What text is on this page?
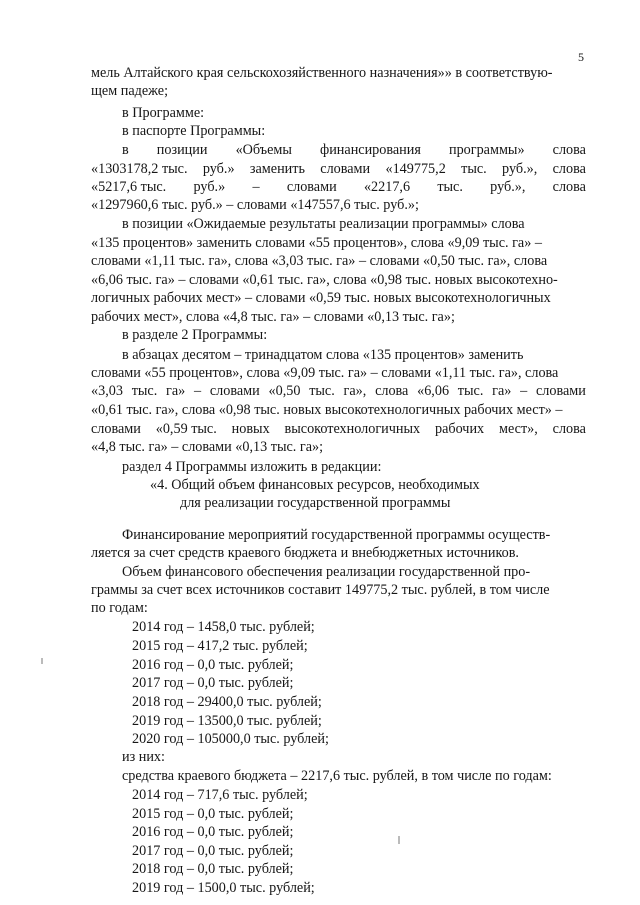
5
мель Алтайского края сельскохозяйственного назначения»» в соответствую-
щем падеже;
в Программе:
в паспорте Программы:
в позиции «Объемы финансирования программы» слова
«1303178,2 тыс. руб.» заменить словами «149775,2 тыс. руб.», слова
«5217,6 тыс. руб.» – словами «2217,6 тыс. руб.», слова
«1297960,6 тыс. руб.» – словами «147557,6 тыс. руб.»;
в позиции «Ожидаемые результаты реализации программы» слова
«135 процентов» заменить словами «55 процентов», слова «9,09 тыс. га» –
словами «1,11 тыс. га», слова «3,03 тыс. га» – словами «0,50 тыс. га», слова
«6,06 тыс. га» – словами «0,61 тыс. га», слова «0,98 тыс. новых высокотехно-
логичных рабочих мест» – словами «0,59 тыс. новых высокотехнологичных
рабочих мест», слова «4,8 тыс. га» – словами «0,13 тыс. га»;
в разделе 2 Программы:
в абзацах десятом – тринадцатом слова «135 процентов» заменить
словами «55 процентов», слова «9,09 тыс. га» – словами «1,11 тыс. га», слова
«3,03 тыс. га» – словами «0,50 тыс. га», слова «6,06 тыс. га» – словами
«0,61 тыс. га», слова «0,98 тыс. новых высокотехнологичных рабочих мест» –
словами «0,59 тыс. новых высокотехнологичных рабочих мест», слова
«4,8 тыс. га» – словами «0,13 тыс. га»;
раздел 4 Программы изложить в редакции:
«4. Общий объем финансовых ресурсов, необходимых
для реализации государственной программы
Финансирование мероприятий государственной программы осуществ-
ляется за счет средств краевого бюджета и внебюджетных источников.
Объем финансового обеспечения реализации государственной про-
граммы за счет всех источников составит 149775,2 тыс. рублей, в том числе
по годам:
2014 год – 1458,0 тыс. рублей;
2015 год – 417,2 тыс. рублей;
2016 год – 0,0 тыс. рублей;
2017 год – 0,0 тыс. рублей;
2018 год – 29400,0 тыс. рублей;
2019 год – 13500,0 тыс. рублей;
2020 год – 105000,0 тыс. рублей;
из них:
средства краевого бюджета – 2217,6 тыс. рублей, в том числе по годам:
2014 год – 717,6 тыс. рублей;
2015 год – 0,0 тыс. рублей;
2016 год – 0,0 тыс. рублей;
2017 год – 0,0 тыс. рублей;
2018 год – 0,0 тыс. рублей;
2019 год – 1500,0 тыс. рублей;
